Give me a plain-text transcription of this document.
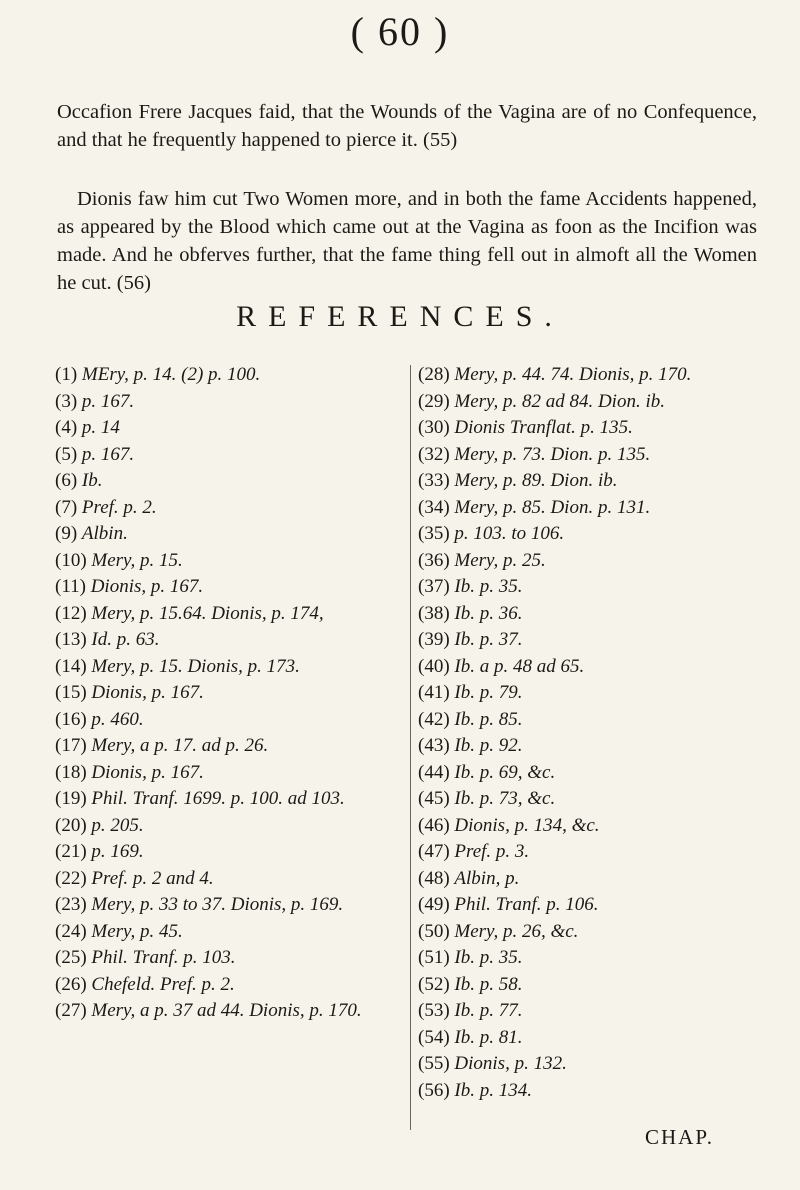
( 60 )
Occafion Frere Jacques faid, that the Wounds of the Vagina are of no Confequence, and that he frequently happened to pierce it. (55)
Dionis faw him cut Two Women more, and in both the fame Accidents happened, as appeared by the Blood which came out at the Vagina as foon as the Incifion was made. And he obferves further, that the fame thing fell out in almoft all the Women he cut. (56)
REFERENCES.
(1) MEry, p. 14. (2) p. 100.
(3) p. 167.
(4) p. 14
(5) p. 167.
(6) Ib.
(7) Pref. p. 2.
(9) Albin.
(10) Mery, p. 15.
(11) Dionis, p. 167.
(12) Mery, p. 15.64. Dionis, p. 174,
(13) Id. p. 63.
(14) Mery, p. 15. Dionis, p. 173.
(15) Dionis, p. 167.
(16) p. 460.
(17) Mery, a p. 17. ad p. 26.
(18) Dionis, p. 167.
(19) Phil. Tranf. 1699. p. 100. ad 103.
(20) p. 205.
(21) p. 169.
(22) Pref. p. 2 and 4.
(23) Mery, p. 33 to 37. Dionis, p. 169.
(24) Mery, p. 45.
(25) Phil. Tranf. p. 103.
(26) Chefeld. Pref. p. 2.
(27) Mery, a p. 37 ad 44. Dionis, p. 170.
(28) Mery, p. 44. 74. Dionis, p. 170.
(29) Mery, p. 82 ad 84. Dion. ib.
(30) Dionis Tranflat. p. 135.
(32) Mery, p. 73. Dion. p. 135.
(33) Mery, p. 89. Dion. ib.
(34) Mery, p. 85. Dion. p. 131.
(35) p. 103. to 106.
(36) Mery, p. 25.
(37) Ib. p. 35.
(38) Ib. p. 36.
(39) Ib. p. 37.
(40) Ib. a p. 48 ad 65.
(41) Ib. p. 79.
(42) Ib. p. 85.
(43) Ib. p. 92.
(44) Ib. p. 69, &c.
(45) Ib. p. 73, &c.
(46) Dionis, p. 134, &c.
(47) Pref. p. 3.
(48) Albin, p.
(49) Phil. Tranf. p. 106.
(50) Mery, p. 26, &c.
(51) Ib. p. 35.
(52) Ib. p. 58.
(53) Ib. p. 77.
(54) Ib. p. 81.
(55) Dionis, p. 132.
(56) Ib. p. 134.
CHAP.
